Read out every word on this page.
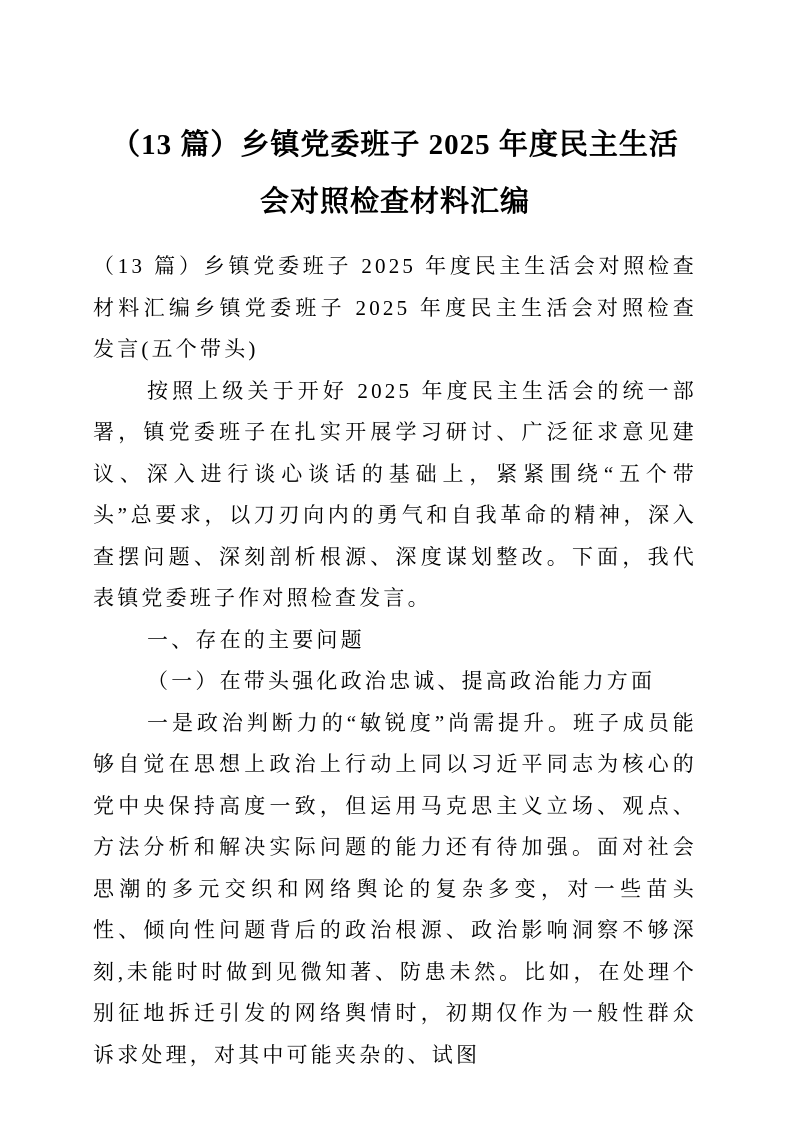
（13 篇）乡镇党委班子 2025 年度民主生活
会对照检查材料汇编

（13 篇）乡镇党委班子 2025 年度民主生活会对照检查材料汇编乡镇党委班子 2025 年度民主生活会对照检查发言(五个带头)

按照上级关于开好 2025 年度民主生活会的统一部署，镇党委班子在扎实开展学习研讨、广泛征求意见建议、深入进行谈心谈话的基础上，紧紧围绕“五个带头”总要求，以刀刃向内的勇气和自我革命的精神，深入查摆问题、深刻剖析根源、深度谋划整改。下面，我代表镇党委班子作对照检查发言。

一、存在的主要问题

（一）在带头强化政治忠诚、提高政治能力方面

一是政治判断力的“敏锐度”尚需提升。班子成员能够自觉在思想上政治上行动上同以习近平同志为核心的党中央保持高度一致，但运用马克思主义立场、观点、方法分析和解决实际问题的能力还有待加强。面对社会思潮的多元交织和网络舆论的复杂多变，对一些苗头性、倾向性问题背后的政治根源、政治影响洞察不够深刻,未能时时做到见微知著、防患未然。比如，在处理个别征地拆迁引发的网络舆情时，初期仅作为一般性群众诉求处理，对其中可能夹杂的、试图
